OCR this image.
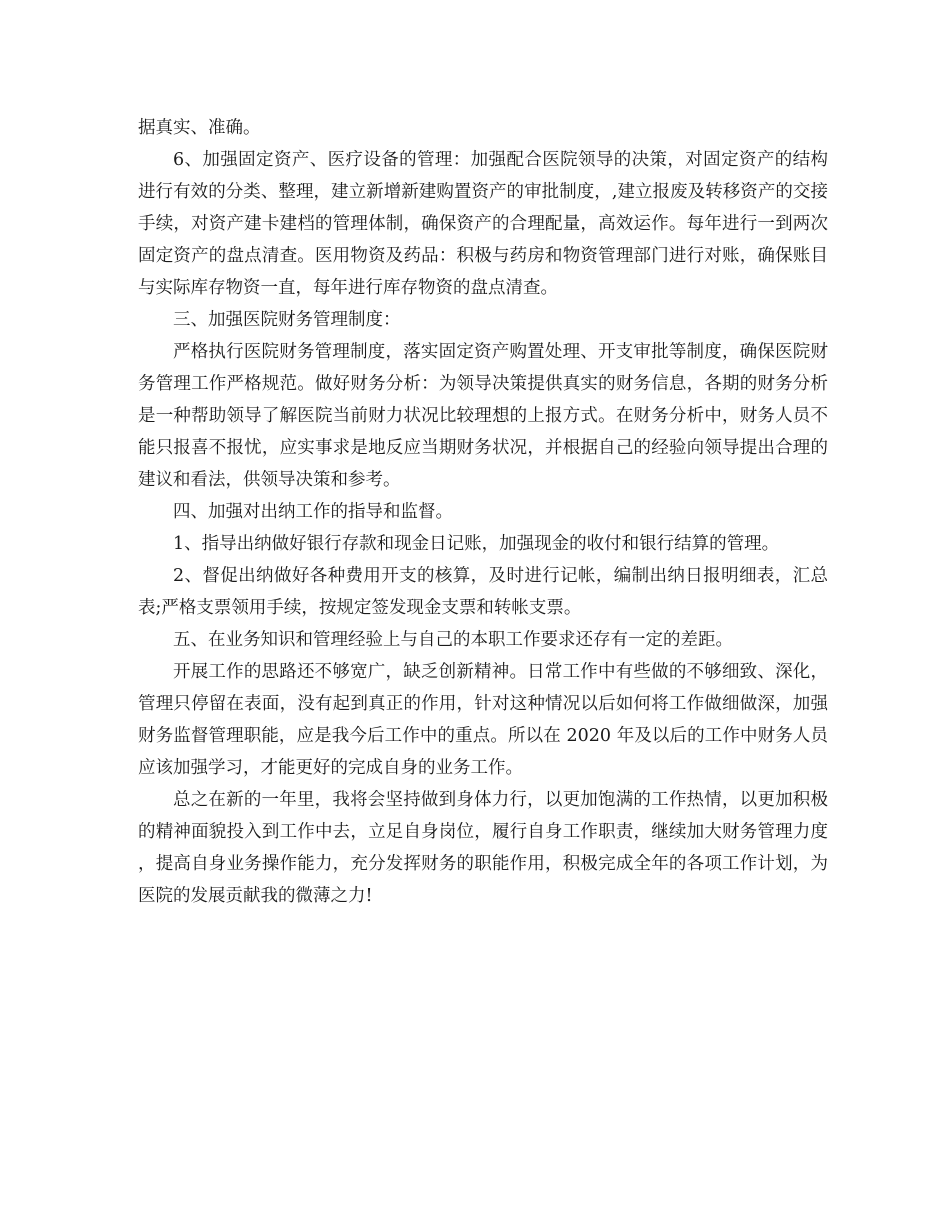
据真实、准确。

6、加强固定资产、医疗设备的管理：加强配合医院领导的决策，对固定资产的结构进行有效的分类、整理，建立新增新建购置资产的审批制度，,建立报废及转移资产的交接手续，对资产建卡建档的管理体制，确保资产的合理配量，高效运作。每年进行一到两次固定资产的盘点清查。医用物资及药品：积极与药房和物资管理部门进行对账，确保账目与实际库存物资一直，每年进行库存物资的盘点清查。

三、加强医院财务管理制度：

严格执行医院财务管理制度，落实固定资产购置处理、开支审批等制度，确保医院财务管理工作严格规范。做好财务分析：为领导决策提供真实的财务信息，各期的财务分析是一种帮助领导了解医院当前财力状况比较理想的上报方式。在财务分析中，财务人员不能只报喜不报忧，应实事求是地反应当期财务状况，并根据自己的经验向领导提出合理的建议和看法，供领导决策和参考。

四、加强对出纳工作的指导和监督。

1、指导出纳做好银行存款和现金日记账，加强现金的收付和银行结算的管理。

2、督促出纳做好各种费用开支的核算，及时进行记帐，编制出纳日报明细表，汇总表;严格支票领用手续，按规定签发现金支票和转帐支票。

五、在业务知识和管理经验上与自己的本职工作要求还存有一定的差距。

开展工作的思路还不够宽广，缺乏创新精神。日常工作中有些做的不够细致、深化，管理只停留在表面，没有起到真正的作用，针对这种情况以后如何将工作做细做深，加强财务监督管理职能，应是我今后工作中的重点。所以在 2020 年及以后的工作中财务人员应该加强学习，才能更好的完成自身的业务工作。

总之在新的一年里，我将会坚持做到身体力行，以更加饱满的工作热情，以更加积极的精神面貌投入到工作中去，立足自身岗位，履行自身工作职责，继续加大财务管理力度，提高自身业务操作能力，充分发挥财务的职能作用，积极完成全年的各项工作计划，为医院的发展贡献我的微薄之力!
